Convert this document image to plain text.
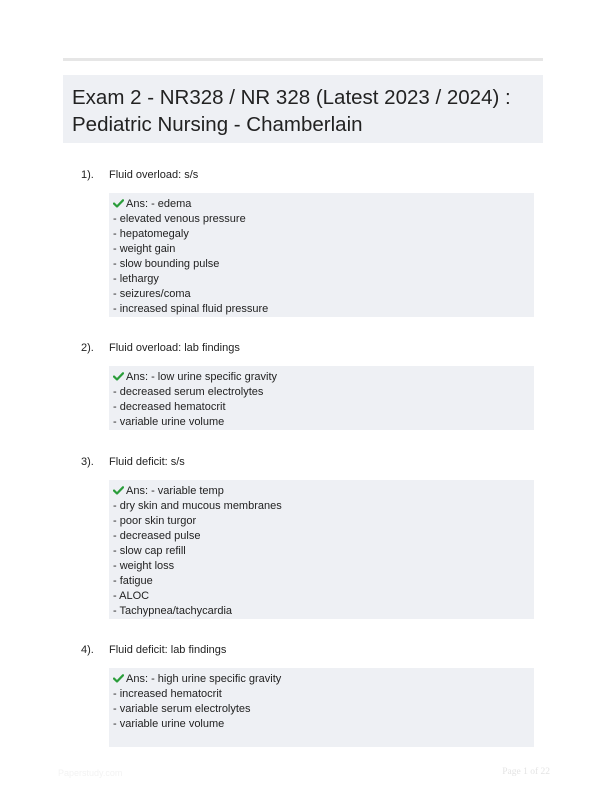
Exam 2 - NR328 / NR 328 (Latest 2023 / 2024) :
Pediatric Nursing - Chamberlain
1). Fluid overload: s/s
Ans: - edema
- elevated venous pressure
- hepatomegaly
- weight gain
- slow bounding pulse
- lethargy
- seizures/coma
- increased spinal fluid pressure
2). Fluid overload: lab findings
Ans: - low urine specific gravity
- decreased serum electrolytes
- decreased hematocrit
- variable urine volume
3). Fluid deficit: s/s
Ans: - variable temp
- dry skin and mucous membranes
- poor skin turgor
- decreased pulse
- slow cap refill
- weight loss
- fatigue
- ALOC
- Tachypnea/tachycardia
4). Fluid deficit: lab findings
Ans: - high urine specific gravity
- increased hematocrit
- variable serum electrolytes
- variable urine volume
Paperstudy.com	Page 1 of 22
